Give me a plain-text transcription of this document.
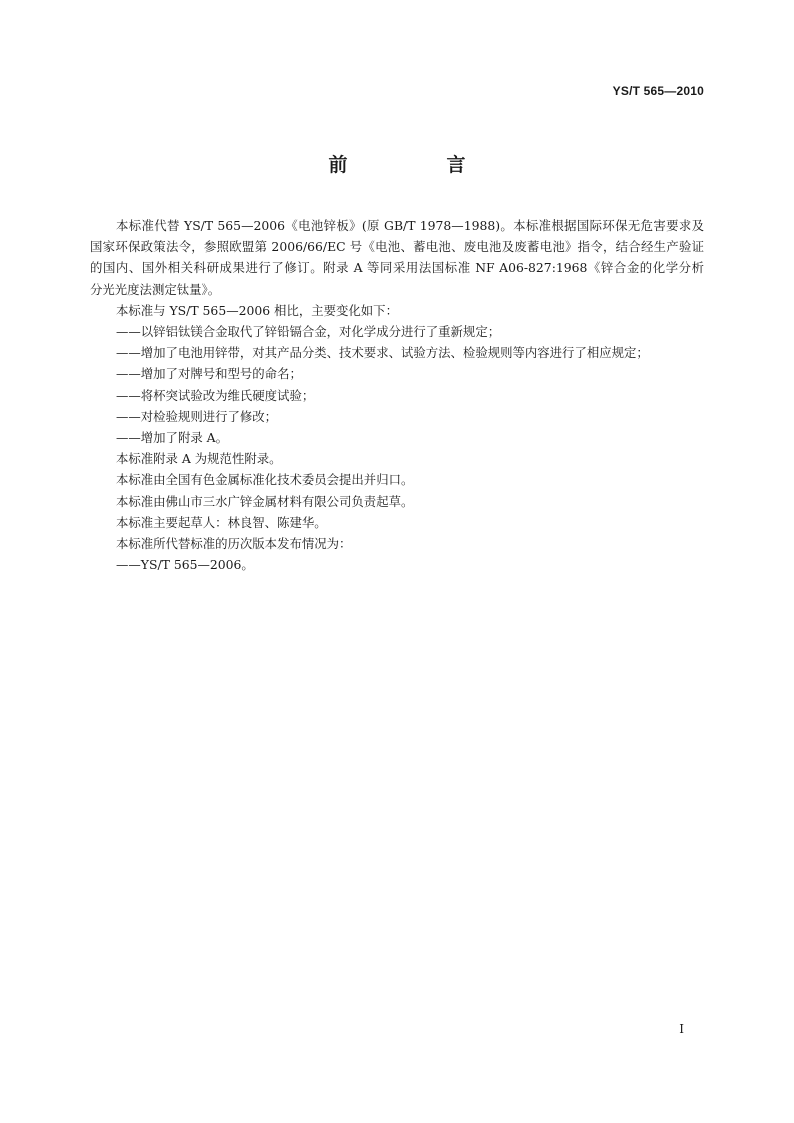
YS/T 565—2010
前　言

本标准代替 YS/T 565—2006《电池锌板》(原 GB/T 1978—1988)。本标准根据国际环保无危害要求及国家环保政策法令，参照欧盟第 2006/66/EC 号《电池、蓄电池、废电池及废蓄电池》指令，结合经生产验证的国内、国外相关科研成果进行了修订。附录 A 等同采用法国标准 NF A06-827:1968《锌合金的化学分析　分光光度法测定钛量》。

本标准与 YS/T 565—2006 相比，主要变化如下：

——以锌铝钛镁合金取代了锌铅镉合金，对化学成分进行了重新规定；

——增加了电池用锌带，对其产品分类、技术要求、试验方法、检验规则等内容进行了相应规定；

——增加了对牌号和型号的命名；

——将杯突试验改为维氏硬度试验；

——对检验规则进行了修改；

——增加了附录 A。

本标准附录 A 为规范性附录。

本标准由全国有色金属标准化技术委员会提出并归口。

本标准由佛山市三水广锌金属材料有限公司负责起草。

本标准主要起草人：林良智、陈建华。

本标准所代替标准的历次版本发布情况为：

——YS/T 565—2006。

I
